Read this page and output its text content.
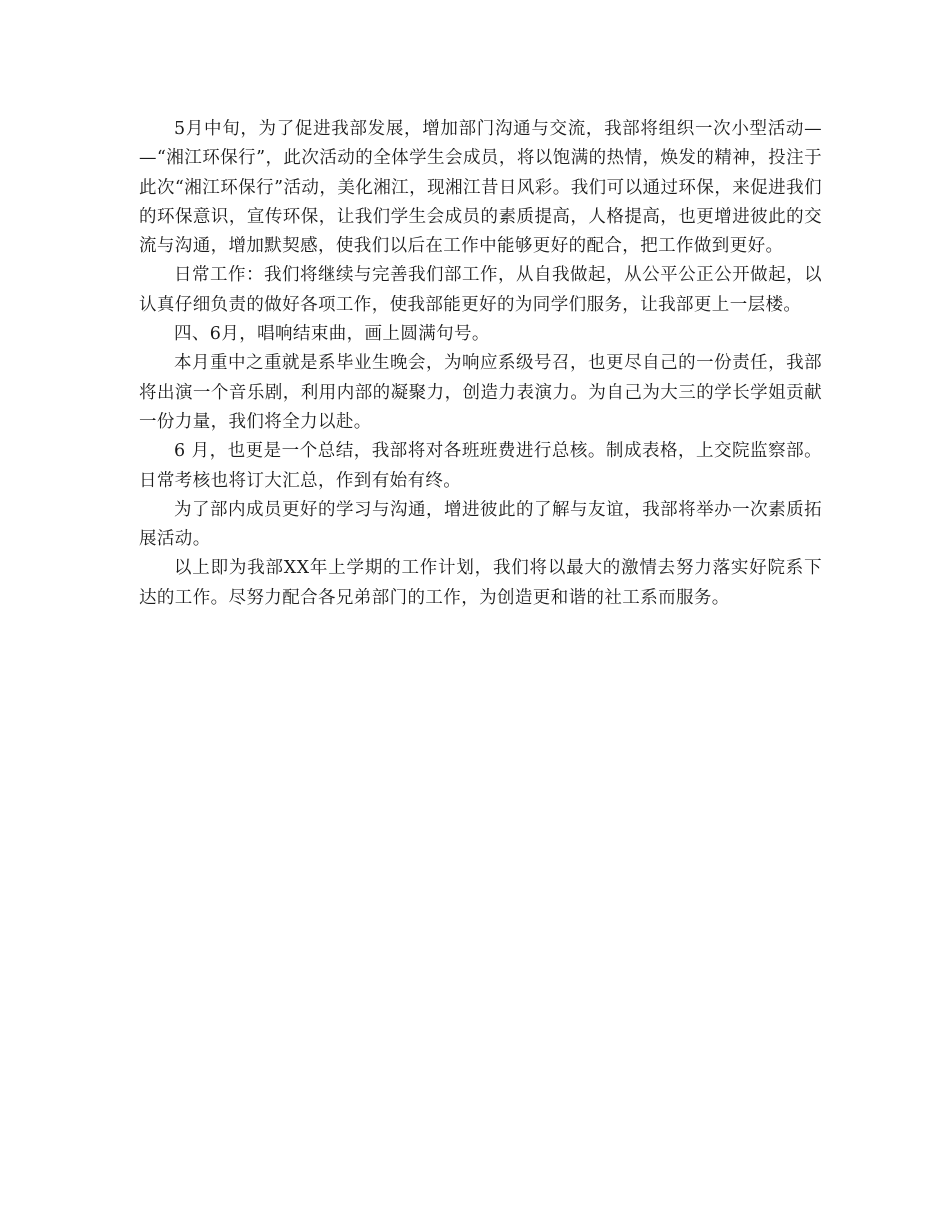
5月中旬，为了促进我部发展，增加部门沟通与交流，我部将组织一次小型活动——“湘江环保行”，此次活动的全体学生会成员，将以饱满的热情，焕发的精神，投注于此次“湘江环保行”活动，美化湘江，现湘江昔日风彩。我们可以通过环保，来促进我们的环保意识，宣传环保，让我们学生会成员的素质提高，人格提高，也更增进彼此的交流与沟通，增加默契感，使我们以后在工作中能够更好的配合，把工作做到更好。

日常工作：我们将继续与完善我们部工作，从自我做起，从公平公正公开做起，以认真仔细负责的做好各项工作，使我部能更好的为同学们服务，让我部更上一层楼。

四、6月，唱响结束曲，画上圆满句号。

本月重中之重就是系毕业生晚会，为响应系级号召，也更尽自己的一份责任，我部将出演一个音乐剧，利用内部的凝聚力，创造力表演力。为自己为大三的学长学姐贡献一份力量，我们将全力以赴。

6 月，也更是一个总结，我部将对各班班费进行总核。制成表格，上交院监察部。日常考核也将订大汇总，作到有始有终。

为了部内成员更好的学习与沟通，增进彼此的了解与友谊，我部将举办一次素质拓展活动。

以上即为我部XX年上学期的工作计划，我们将以最大的激情去努力落实好院系下达的工作。尽努力配合各兄弟部门的工作，为创造更和谐的社工系而服务。
